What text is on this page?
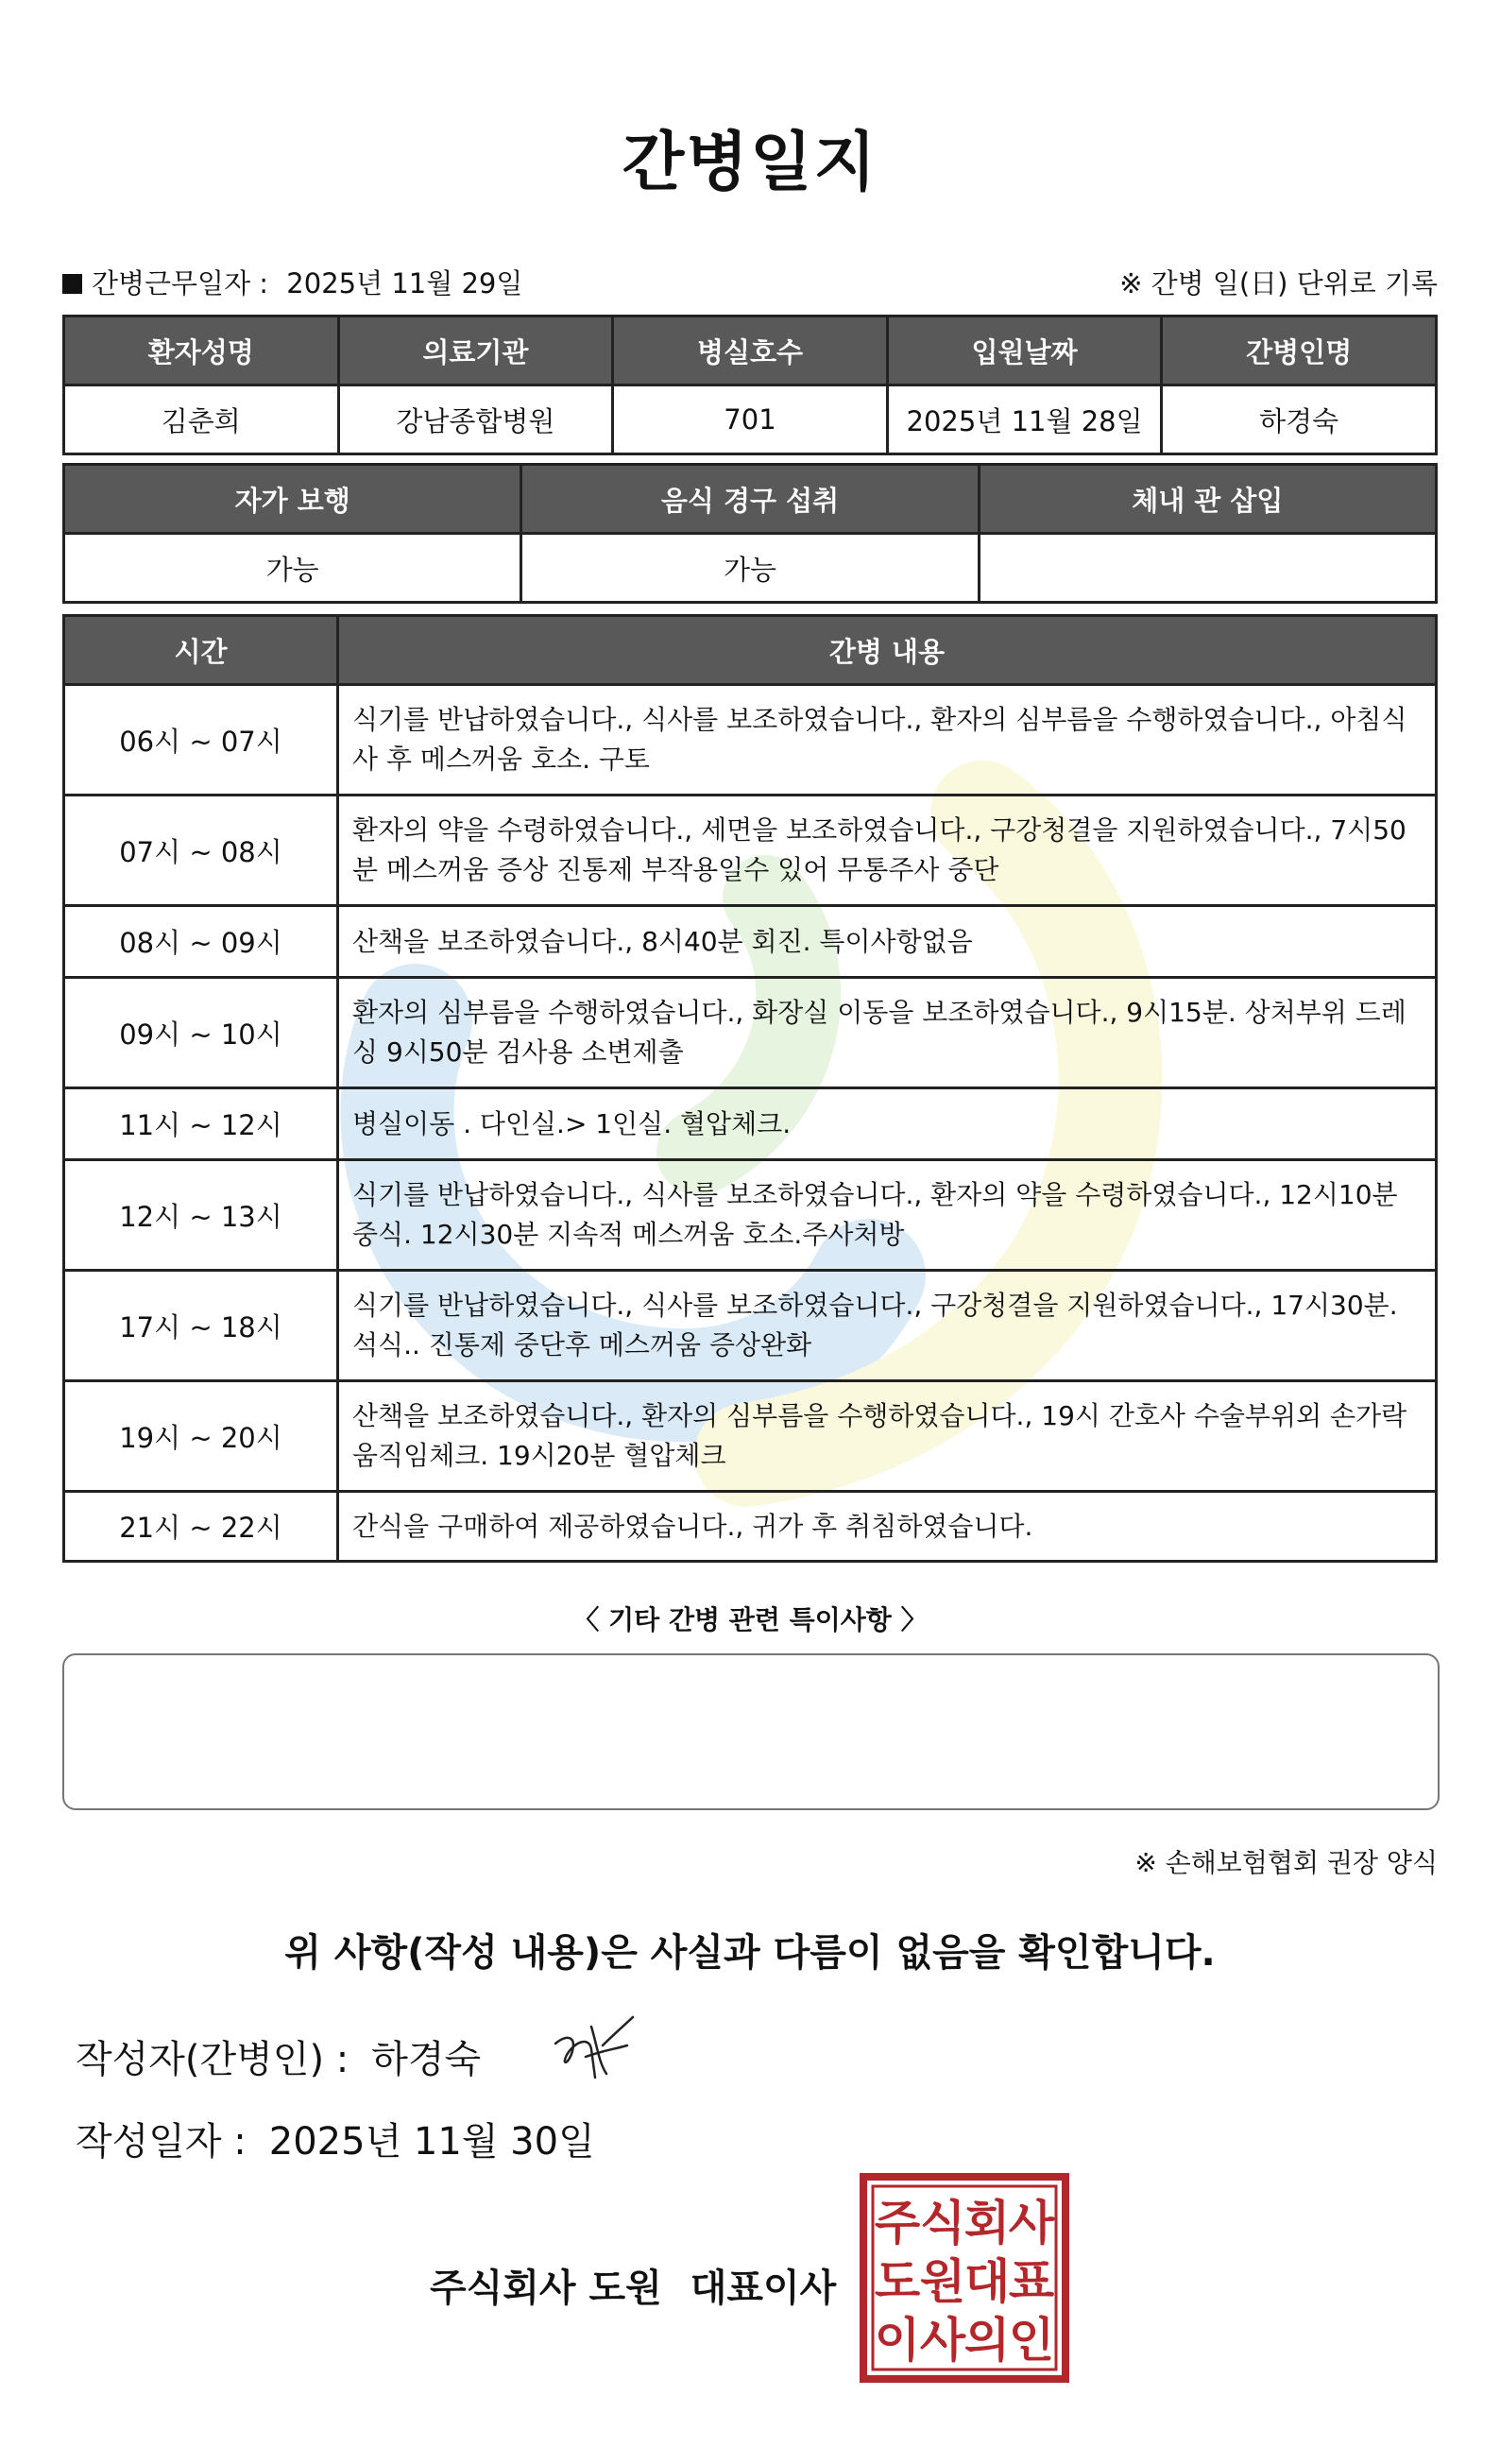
간병일지
간병근무일자 : 2025년 11월 29일	※ 간병 일(日) 단위로 기록
환자성명	의료기관	병실호수	입원날짜	간병인명
김춘희	강남종합병원	701	2025년 11월 28일	하경숙
자가 보행	음식 경구 섭취	체내 관 삽입
가능	가능	
시간	간병 내용
06시 ~ 07시	식기를 반납하였습니다., 식사를 보조하였습니다., 환자의 심부름을 수행하였습니다., 아침식사 후 메스꺼움 호소. 구토
07시 ~ 08시	환자의 약을 수령하였습니다., 세면을 보조하였습니다., 구강청결을 지원하였습니다., 7시50분 메스꺼움 증상 진통제 부작용일수 있어 무통주사 중단
08시 ~ 09시	산책을 보조하였습니다., 8시40분 회진. 특이사항없음
09시 ~ 10시	환자의 심부름을 수행하였습니다., 화장실 이동을 보조하였습니다., 9시15분. 상처부위 드레싱 9시50분 검사용 소변제출
11시 ~ 12시	병실이동 . 다인실.> 1인실. 혈압체크.
12시 ~ 13시	식기를 반납하였습니다., 식사를 보조하였습니다., 환자의 약을 수령하였습니다., 12시10분 중식. 12시30분 지속적 메스꺼움 호소.주사처방
17시 ~ 18시	식기를 반납하였습니다., 식사를 보조하였습니다., 구강청결을 지원하였습니다., 17시30분. 석식.. 진통제 중단후 메스꺼움 증상완화
19시 ~ 20시	산책을 보조하였습니다., 환자의 심부름을 수행하였습니다., 19시 간호사 수술부위외 손가락 움직임체크. 19시20분 혈압체크
21시 ~ 22시	간식을 구매하여 제공하였습니다., 귀가 후 취침하였습니다.
〈 기타 간병 관련 특이사항 〉
※ 손해보험협회 권장 양식
위 사항(작성 내용)은 사실과 다름이 없음을 확인합니다.
작성자(간병인) : 하경숙
작성일자 : 2025년 11월 30일
주식회사 도원 대표이사
주 식
회
사
도 원
대
표
이 사
의
인
